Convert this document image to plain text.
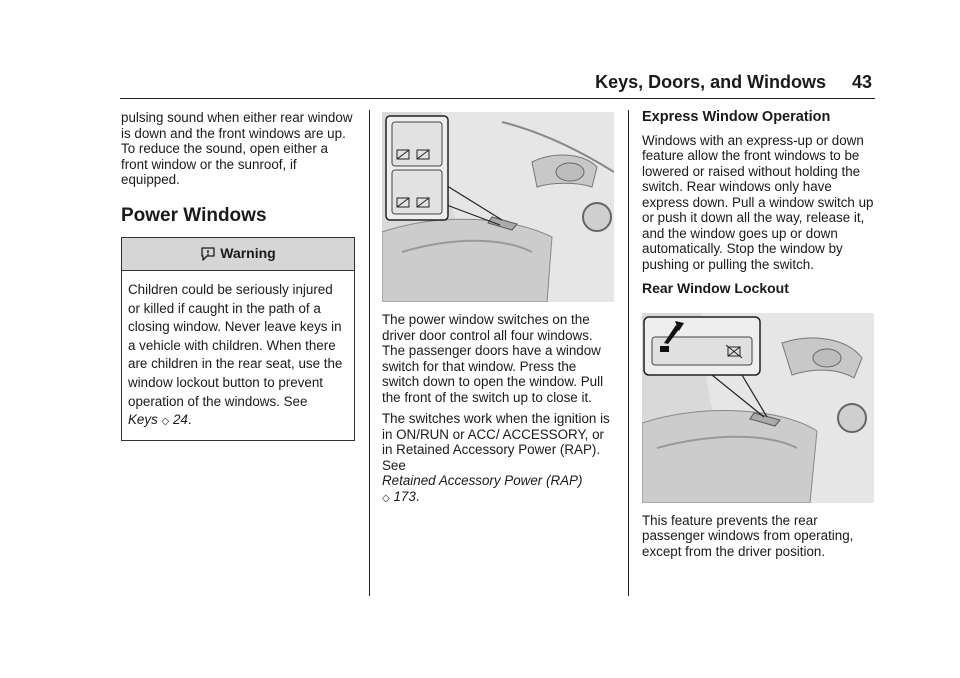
Keys, Doors, and Windows 43

pulsing sound when either rear window is down and the front windows are up. To reduce the sound, open either a front window or the sunroof, if equipped.

Power Windows
Warning
Children could be seriously injured or killed if caught in the path of a closing window. Never leave keys in a vehicle with children. When there are children in the rear seat, use the window lockout button to prevent operation of the windows. See
Keys ◇ 24.

The power window switches on the driver door control all four windows. The passenger doors have a window switch for that window. Press the switch down to open the window. Pull the front of the switch up to close it.

The switches work when the ignition is in ON/RUN or ACC/ ACCESSORY, or in Retained Accessory Power (RAP). See
Retained Accessory Power (RAP)
◇ 173.

Express Window Operation

Windows with an express-up or down feature allow the front windows to be lowered or raised without holding the switch. Rear windows only have express down. Pull a window switch up or push it down all the way, release it, and the window goes up or down automatically. Stop the window by pushing or pulling the switch.

Rear Window Lockout

This feature prevents the rear passenger windows from operating, except from the driver position.
